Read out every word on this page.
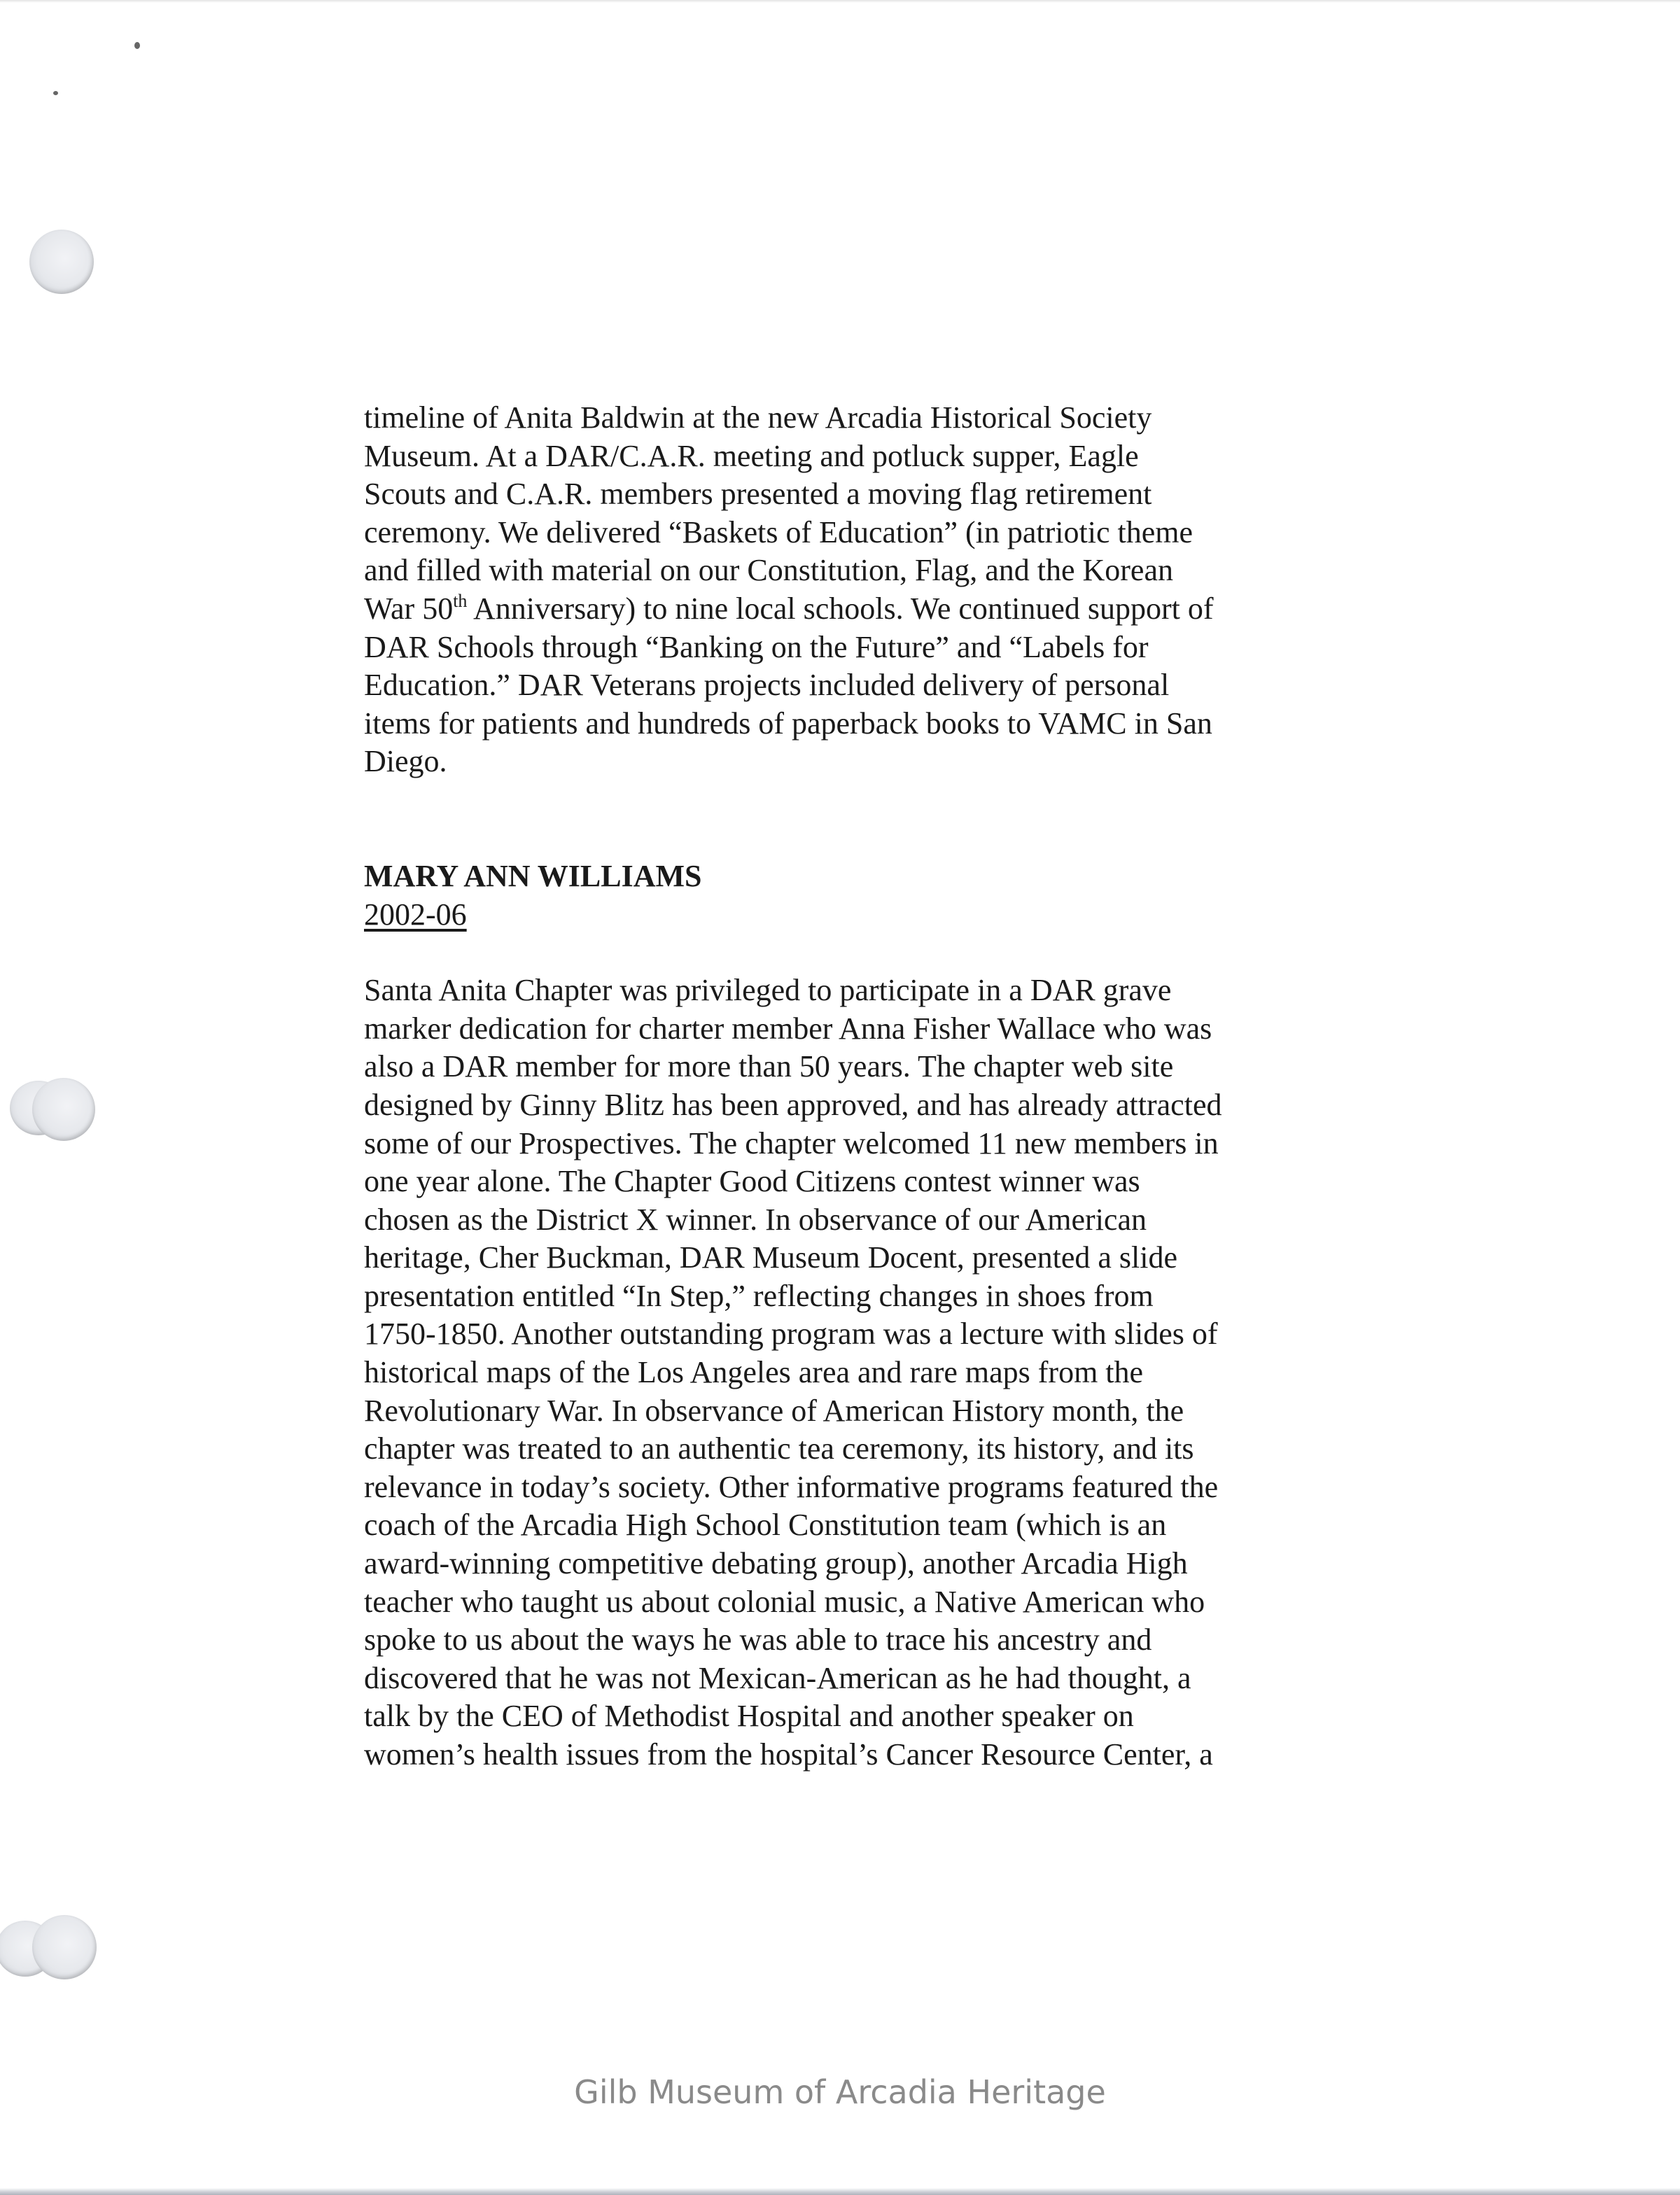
timeline of Anita Baldwin at the new Arcadia Historical Society
Museum. At a DAR/C.A.R. meeting and potluck supper, Eagle
Scouts and C.A.R. members presented a moving flag retirement
ceremony. We delivered “Baskets of Education” (in patriotic theme
and filled with material on our Constitution, Flag, and the Korean
War 50th Anniversary) to nine local schools. We continued support of
DAR Schools through “Banking on the Future” and “Labels for
Education.” DAR Veterans projects included delivery of personal
items for patients and hundreds of paperback books to VAMC in San
Diego.

MARY ANN WILLIAMS

2002-06

Santa Anita Chapter was privileged to participate in a DAR grave
marker dedication for charter member Anna Fisher Wallace who was
also a DAR member for more than 50 years. The chapter web site
designed by Ginny Blitz has been approved, and has already attracted
some of our Prospectives. The chapter welcomed 11 new members in
one year alone. The Chapter Good Citizens contest winner was
chosen as the District X winner. In observance of our American
heritage, Cher Buckman, DAR Museum Docent, presented a slide
presentation entitled “In Step,” reflecting changes in shoes from
1750-1850. Another outstanding program was a lecture with slides of
historical maps of the Los Angeles area and rare maps from the
Revolutionary War. In observance of American History month, the
chapter was treated to an authentic tea ceremony, its history, and its
relevance in today’s society. Other informative programs featured the
coach of the Arcadia High School Constitution team (which is an
award-winning competitive debating group), another Arcadia High
teacher who taught us about colonial music, a Native American who
spoke to us about the ways he was able to trace his ancestry and
discovered that he was not Mexican-American as he had thought, a
talk by the CEO of Methodist Hospital and another speaker on
women’s health issues from the hospital’s Cancer Resource Center, a

Gilb Museum of Arcadia Heritage
